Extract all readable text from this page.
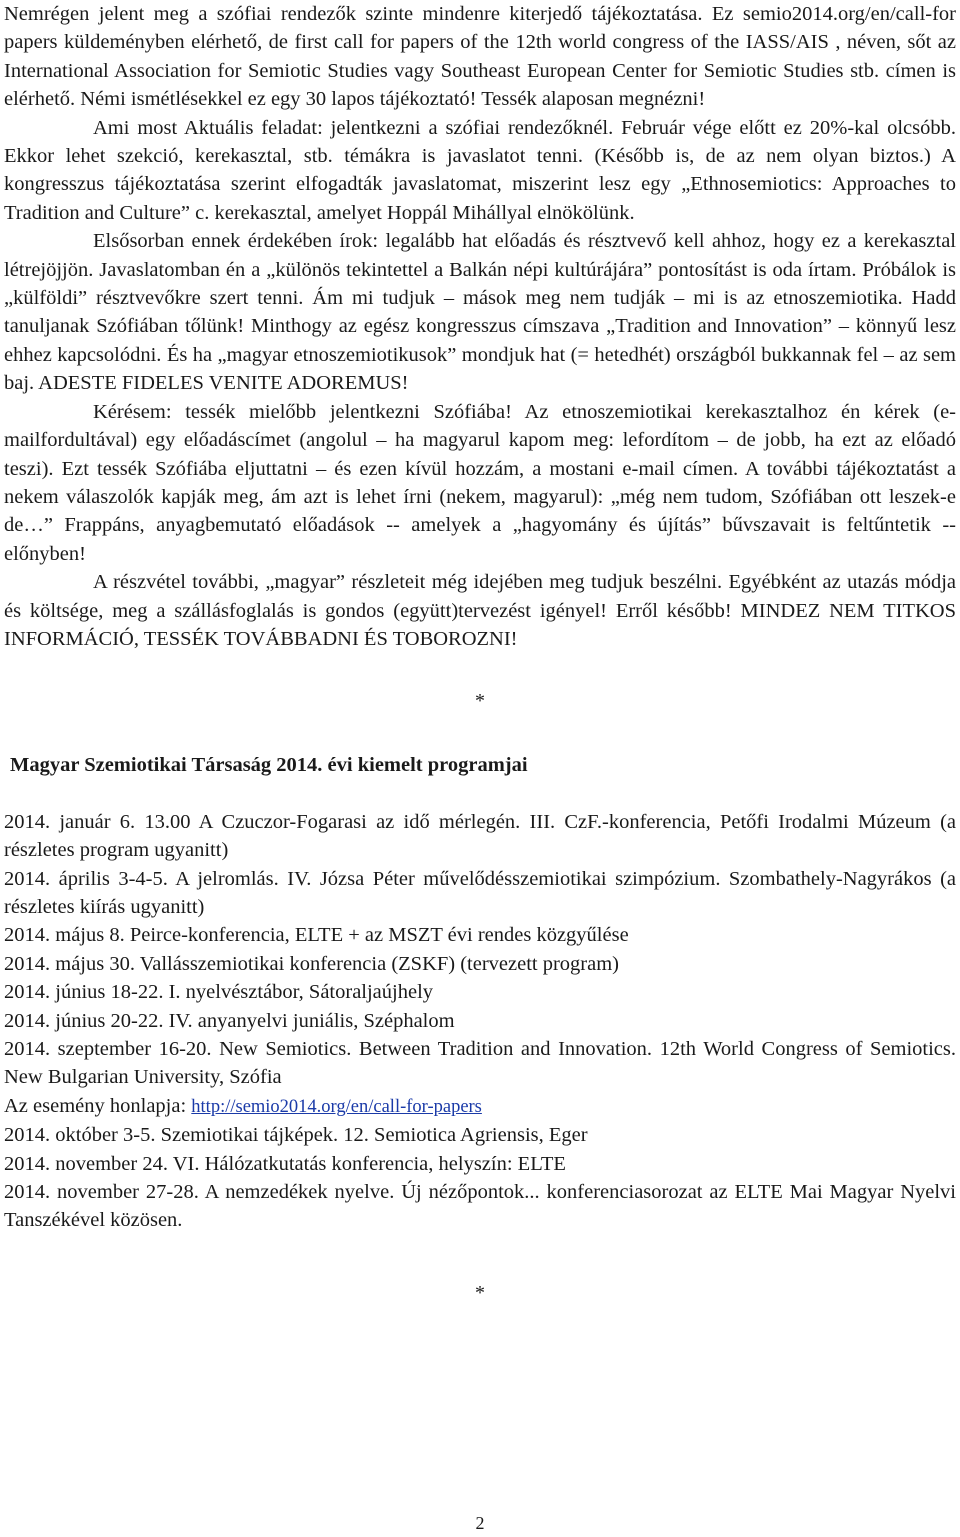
Nemrégen jelent meg a szófiai rendezők szinte mindenre kiterjedő tájékoztatása. Ez semio2014.org/en/call-for papers küldeményben elérhető, de first call for papers of the 12th world congress of the IASS/AIS , néven, sőt az International Association for Semiotic Studies vagy Southeast European Center for Semiotic Studies stb. címen is elérhető. Némi ismétlésekkel ez egy 30 lapos tájékoztató! Tessék alaposan megnézni!

Ami most Aktuális feladat: jelentkezni a szófiai rendezőknél. Február vége előtt ez 20%-kal olcsóbb. Ekkor lehet szekció, kerekasztal, stb. témákra is javaslatot tenni. (Később is, de az nem olyan biztos.) A kongresszus tájékoztatása szerint elfogadták javaslatomat, miszerint lesz egy „Ethnosemiotics: Approaches to Tradition and Culture” c. kerekasztal, amelyet Hoppál Mihállyal elnökölünk.

Elsősorban ennek érdekében írok: legalább hat előadás és résztvevő kell ahhoz, hogy ez a kerekasztal létrejöjjön. Javaslatomban én a „különös tekintettel a Balkán népi kultúrájára” pontosítást is oda írtam. Próbálok is „külföldi” résztvevőkre szert tenni. Ám mi tudjuk – mások meg nem tudják – mi is az etnoszemiotika. Hadd tanuljanak Szófiában tőlünk! Minthogy az egész kongresszus címszava „Tradition and Innovation” – könnyű lesz ehhez kapcsolódni. És ha „magyar etnoszemiotikusok” mondjuk hat (= hetedhét) országból bukkannak fel – az sem baj. ADESTE FIDELES VENITE ADOREMUS!

Kérésem: tessék mielőbb jelentkezni Szófiába! Az etnoszemiotikai kerekasztalhoz én kérek (e-mailfordultával) egy előadáscímet (angolul – ha magyarul kapom meg: lefordítom – de jobb, ha ezt az előadó teszi). Ezt tessék Szófiába eljuttatni – és ezen kívül hozzám, a mostani e-mail címen. A további tájékoztatást a nekem válaszolók kapják meg, ám azt is lehet írni (nekem, magyarul): „még nem tudom, Szófiában ott leszek-e de…” Frappáns, anyagbemutató előadások -- amelyek a „hagyomány és újítás” bűvszavait is feltűntetik -- előnyben!

A részvétel további, „magyar” részleteit még idejében meg tudjuk beszélni. Egyébként az utazás módja és költsége, meg a szállásfoglalás is gondos (együtt)tervezést igényel! Erről később! MINDEZ NEM TITKOS INFORMÁCIÓ, TESSÉK TOVÁBBADNI ÉS TOBOROZNI!

*

Magyar Szemiotikai Társaság 2014. évi kiemelt programjai

2014. január 6. 13.00 A Czuczor-Fogarasi az idő mérlegén. III. CzF.-konferencia, Petőfi Irodalmi Múzeum (a részletes program ugyanitt)

2014. április 3-4-5. A jelromlás. IV. Józsa Péter művelődésszemiotikai szimpózium. Szombathely-Nagyrákos (a részletes kiírás ugyanitt)

2014. május 8. Peirce-konferencia, ELTE + az MSZT évi rendes közgyűlése

2014. május 30. Vallásszemiotikai konferencia (ZSKF) (tervezett program)

2014. június 18-22. I. nyelvésztábor, Sátoraljaújhely

2014. június 20-22. IV. anyanyelvi juniális, Széphalom

2014. szeptember 16-20. New Semiotics. Between Tradition and Innovation. 12th World Congress of Semiotics. New Bulgarian University, Szófia

Az esemény honlapja: http://semio2014.org/en/call-for-papers

2014. október 3-5. Szemiotikai tájképek. 12. Semiotica Agriensis, Eger

2014. november 24. VI. Hálózatkutatás konferencia, helyszín: ELTE

2014. november 27-28. A nemzedékek nyelve. Új nézőpontok... konferenciasorozat az ELTE Mai Magyar Nyelvi Tanszékével közösen.

*

2
